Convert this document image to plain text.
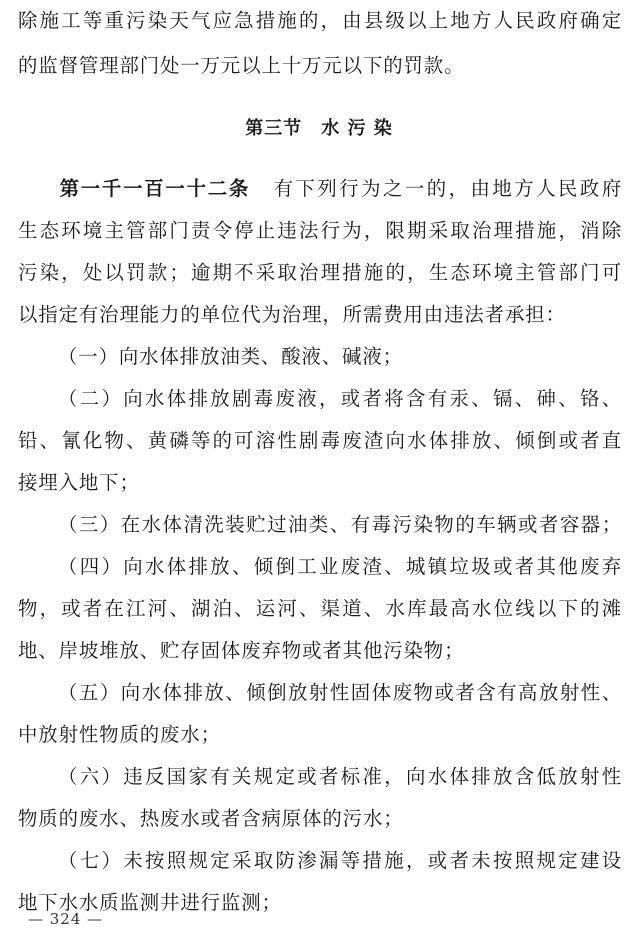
除施工等重污染天气应急措施的，由县级以上地方人民政府确定
的监督管理部门处一万元以上十万元以下的罚款。
第三节　水 污 染
第一千一百一十二条 有下列行为之一的，由地方人民政府
生态环境主管部门责令停止违法行为，限期采取治理措施，消除
污染，处以罚款；逾期不采取治理措施的，生态环境主管部门可
以指定有治理能力的单位代为治理，所需费用由违法者承担：
（一）向水体排放油类、酸液、碱液；
（二）向水体排放剧毒废液，或者将含有汞、镉、砷、铬、
铅、氰化物、黄磷等的可溶性剧毒废渣向水体排放、倾倒或者直
接埋入地下；
（三）在水体清洗装贮过油类、有毒污染物的车辆或者容器；
（四）向水体排放、倾倒工业废渣、城镇垃圾或者其他废弃
物，或者在江河、湖泊、运河、渠道、水库最高水位线以下的滩
地、岸坡堆放、贮存固体废弃物或者其他污染物；
（五）向水体排放、倾倒放射性固体废物或者含有高放射性、
中放射性物质的废水；
（六）违反国家有关规定或者标准，向水体排放含低放射性
物质的废水、热废水或者含病原体的污水；
（七）未按照规定采取防渗漏等措施，或者未按照规定建设
地下水水质监测井进行监测；
— 324 —
